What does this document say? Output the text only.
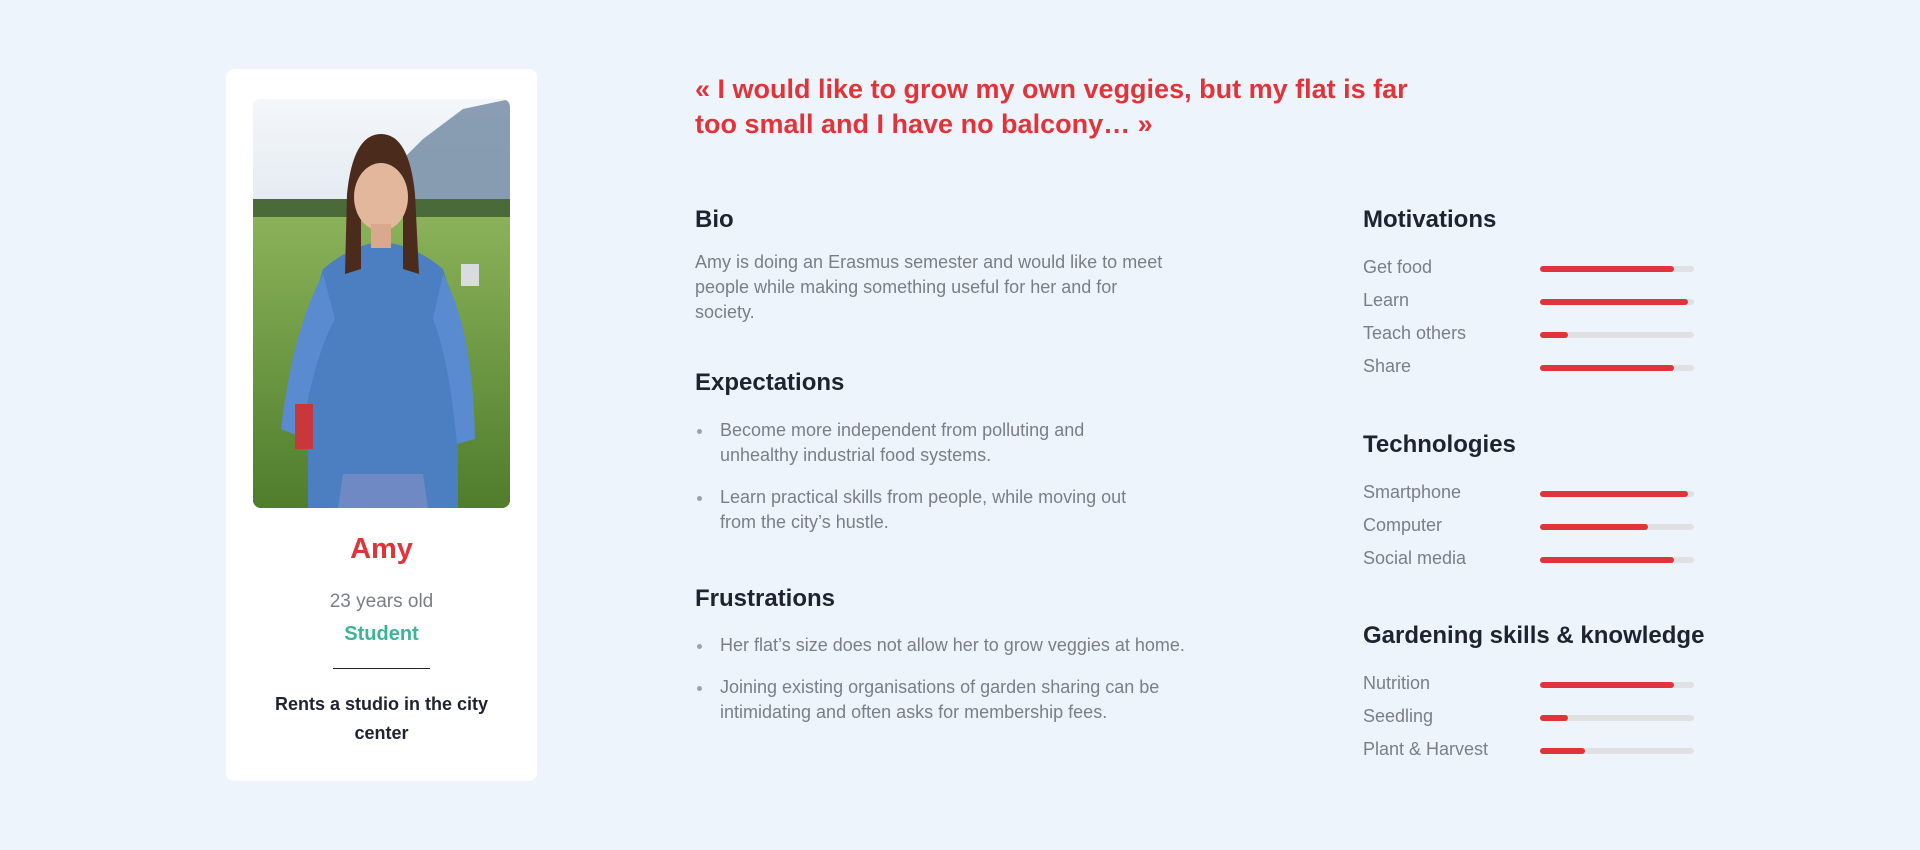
Amy
23 years old
Student
Rents a studio in the city center
« I would like to grow my own veggies, but my flat is far too small and I have no balcony… »
Bio
Amy is doing an Erasmus semester and would like to meet people while making something useful for her and for society.
Expectations
Become more independent from polluting and unhealthy industrial food systems.
Learn practical skills from people, while moving out from the city’s hustle.
Frustrations
Her flat’s size does not allow her to grow veggies at home.
Joining existing organisations of garden sharing can be intimidating and often asks for membership fees.
Motivations
Get food
Learn
Teach others
Share
Technologies
Smartphone
Computer
Social media
Gardening skills & knowledge
Nutrition
Seedling
Plant & Harvest
